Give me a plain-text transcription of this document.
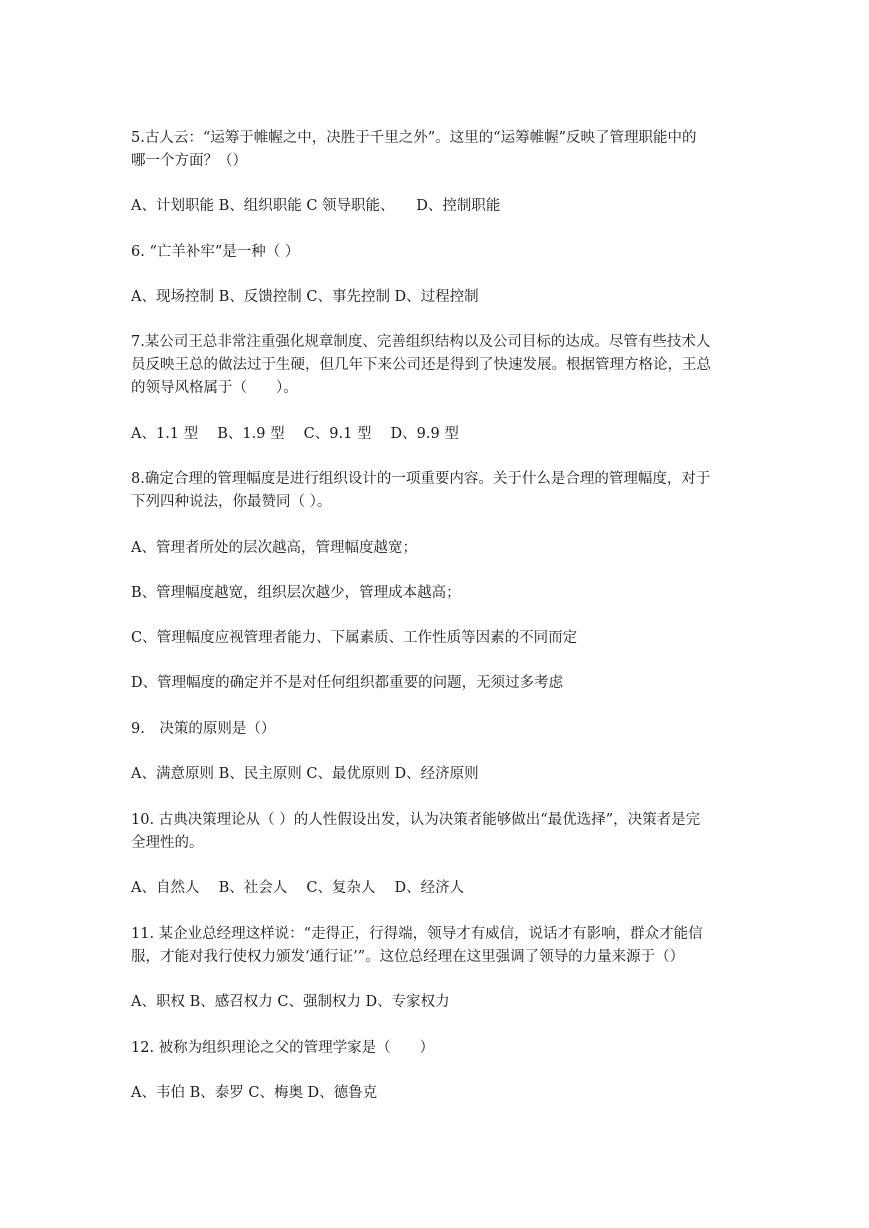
5.古人云：“运筹于帷幄之中，决胜于千里之外”。这里的“运筹帷幄”反映了管理职能中的
哪一个方面？（）
A、计划职能 B、组织职能 C 领导职能、　　D、控制职能
6. “亡羊补牢”是一种（ ）
A、现场控制 B、反馈控制 C、事先控制 D、过程控制
7.某公司王总非常注重强化规章制度、完善组织结构以及公司目标的达成。尽管有些技术人
员反映王总的做法过于生硬，但几年下来公司还是得到了快速发展。根据管理方格论，王总
的领导风格属于（　　）。
A、1.1 型　 B、1.9 型　 C、9.1 型　 D、9.9 型
8.确定合理的管理幅度是进行组织设计的一项重要内容。关于什么是合理的管理幅度，对于
下列四种说法，你最赞同（ ）。
A、管理者所处的层次越高，管理幅度越宽；
B、管理幅度越宽，组织层次越少，管理成本越高；
C、管理幅度应视管理者能力、下属素质、工作性质等因素的不同而定
D、管理幅度的确定并不是对任何组织都重要的问题，无须过多考虑
9.　决策的原则是（）
A、满意原则 B、民主原则 C、最优原则 D、经济原则
10. 古典决策理论从（ ）的人性假设出发，认为决策者能够做出“最优选择”，决策者是完
全理性的。
A、自然人　 B、社会人　 C、复杂人　 D、经济人
11. 某企业总经理这样说：“走得正，行得端，领导才有威信，说话才有影响，群众才能信
服，才能对我行使权力颁发‘通行证’”。这位总经理在这里强调了领导的力量来源于（）
A、职权 B、感召权力 C、强制权力 D、专家权力
12. 被称为组织理论之父的管理学家是（　　）
A、韦伯 B、泰罗 C、梅奥 D、德鲁克
